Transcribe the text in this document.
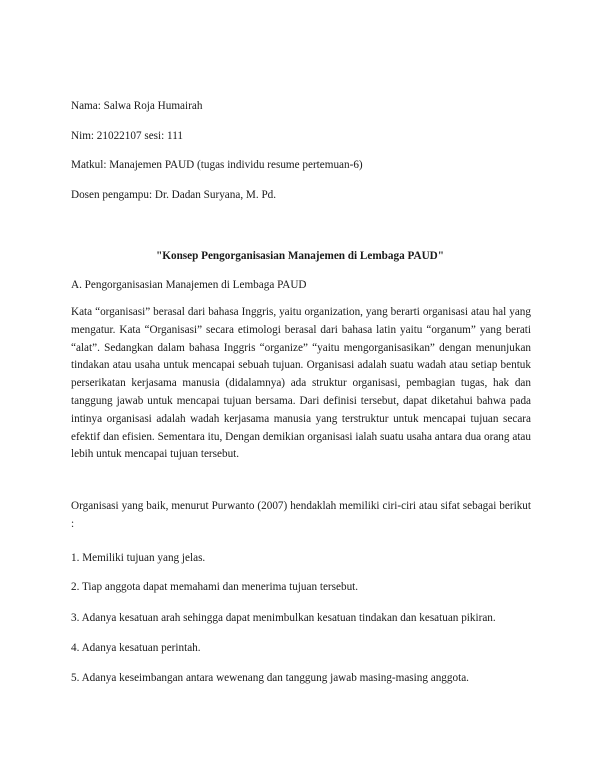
Nama: Salwa Roja Humairah
Nim: 21022107 sesi: 111
Matkul: Manajemen PAUD (tugas individu resume pertemuan-6)
Dosen pengampu: Dr. Dadan Suryana, M. Pd.
"Konsep Pengorganisasian Manajemen di Lembaga PAUD"
A. Pengorganisasian Manajemen di Lembaga PAUD

Kata “organisasi” berasal dari bahasa Inggris, yaitu organization, yang berarti organisasi atau hal yang mengatur. Kata “Organisasi” secara etimologi berasal dari bahasa latin yaitu “organum” yang berati “alat”. Sedangkan dalam bahasa Inggris “organize” “yaitu mengorganisasikan” dengan menunjukan tindakan atau usaha untuk mencapai sebuah tujuan. Organisasi adalah suatu wadah atau setiap bentuk perserikatan kerjasama manusia (didalamnya) ada struktur organisasi, pembagian tugas, hak dan tanggung jawab untuk mencapai tujuan bersama. Dari definisi tersebut, dapat diketahui bahwa pada intinya organisasi adalah wadah kerjasama manusia yang terstruktur untuk mencapai tujuan secara efektif dan efisien. Sementara itu, Dengan demikian organisasi ialah suatu usaha antara dua orang atau lebih untuk mencapai tujuan tersebut.

Organisasi yang baik, menurut Purwanto (2007) hendaklah memiliki ciri-ciri atau sifat sebagai berikut :

1. Memiliki tujuan yang jelas.
2. Tiap anggota dapat memahami dan menerima tujuan tersebut.
3. Adanya kesatuan arah sehingga dapat menimbulkan kesatuan tindakan dan kesatuan pikiran.
4. Adanya kesatuan perintah.
5. Adanya keseimbangan antara wewenang dan tanggung jawab masing-masing anggota.
